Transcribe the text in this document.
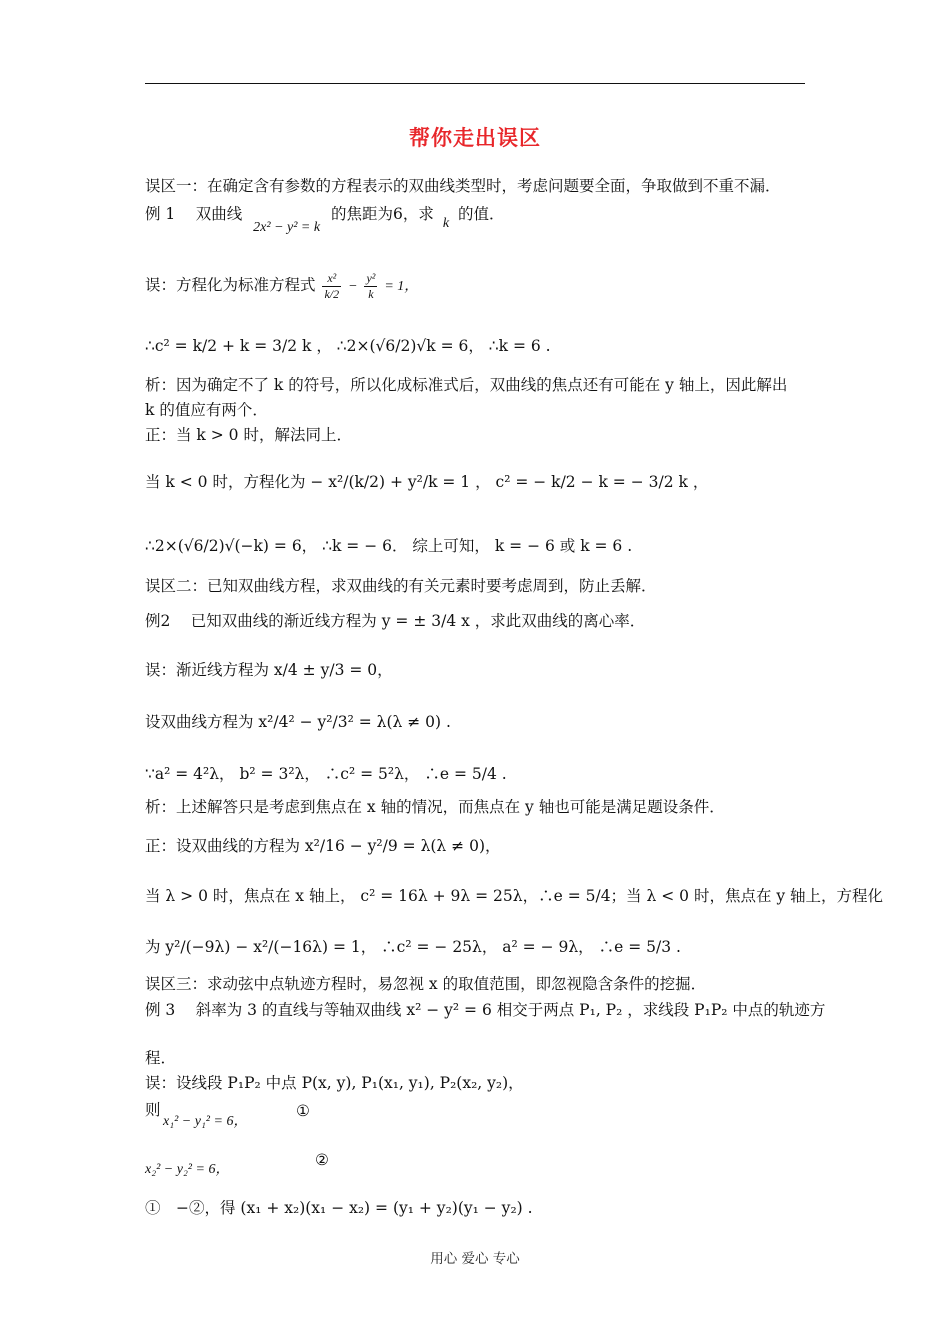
帮你走出误区
误区一：在确定含有参数的方程表示的双曲线类型时，考虑问题要全面，争取做到不重不漏．
例 1　 双曲线 2x² − y² = k 的焦距为6，求 k 的值．
误：方程化为标准方程式 $\frac{\text{x²}}{k/2} - \frac{\text{y²}}{k} = 1$，
∴c² = k/2 + k = 3/2 k ， ∴2×(√6/2)√k = 6， ∴k = 6 .
析：因为确定不了 k 的符号，所以化成标准式后，双曲线的焦点还有可能在 y 轴上，因此解出
k 的值应有两个．
正：当 k > 0 时，解法同上．
当 k < 0 时，方程化为 − x²/(k/2) + y²/k = 1 ， c² = − k/2 − k = − 3/2 k ，
∴2×(√6/2)√(−k) = 6， ∴k = − 6． 综上可知， k = − 6 或 k = 6 .
误区二：已知双曲线方程，求双曲线的有关元素时要考虑周到，防止丢解．
例2　 已知双曲线的渐近线方程为 y = ± 3/4 x ，求此双曲线的离心率．
误：渐近线方程为 x/4 ± y/3 = 0，
设双曲线方程为 x²/4² − y²/3² = λ(λ ≠ 0) .
∵a² = 4²λ， b² = 3²λ， ∴c² = 5²λ， ∴e = 5/4 .
析：上述解答只是考虑到焦点在 x 轴的情况，而焦点在 y 轴也可能是满足题设条件．
正：设双曲线的方程为 x²/16 − y²/9 = λ(λ ≠ 0)，
当 λ > 0 时，焦点在 x 轴上， c² = 16λ + 9λ = 25λ，∴e = 5/4；当 λ < 0 时，焦点在 y 轴上，方程化
为 y²/(−9λ) − x²/(−16λ) = 1， ∴c² = − 25λ， a² = − 9λ， ∴e = 5/3 .
误区三：求动弦中点轨迹方程时，易忽视 x 的取值范围，即忽视隐含条件的挖掘．
例 3　 斜率为 3 的直线与等轴双曲线 x² − y² = 6 相交于两点 P₁, P₂ ，求线段 P₁P₂ 中点的轨迹方
程．
误：设线段 P₁P₂ 中点 P(x, y), P₁(x₁, y₁), P₂(x₂, y₂)，
则
x₁² − y₁² = 6，
①
x₂² − y₂² = 6，
②
①　−②，得 (x₁ + x₂)(x₁ − x₂) = (y₁ + y₂)(y₁ − y₂) .
用心 爱心 专心
